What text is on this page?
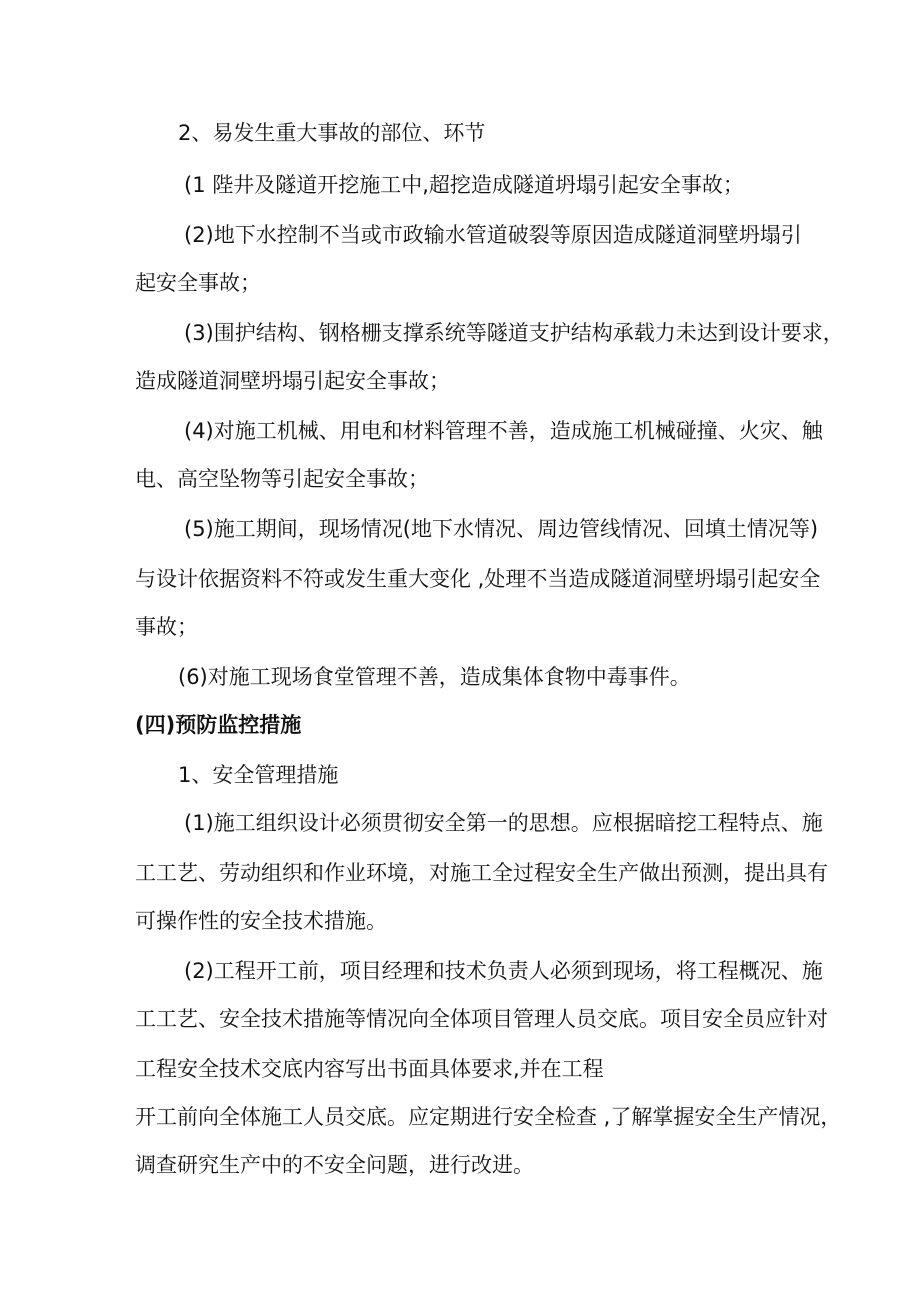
2、易发生重大事故的部位、环节
(1 陛井及隧道开挖施工中,超挖造成隧道坍塌引起安全事故；
(2)地下水控制不当或市政输水管道破裂等原因造成隧道洞壁坍塌引
起安全事故；
(3)围护结构、钢格栅支撑系统等隧道支护结构承载力未达到设计要求，
造成隧道洞壁坍塌引起安全事故；
(4)对施工机械、用电和材料管理不善，造成施工机械碰撞、火灾、触
电、高空坠物等引起安全事故；
(5)施工期间，现场情况(地下水情况、周边管线情况、回填土情况等)
与设计依据资料不符或发生重大变化 ,处理不当造成隧道洞壁坍塌引起安全
事故；
(6)对施工现场食堂管理不善，造成集体食物中毒事件。
(四)预防监控措施
1、安全管理措施
(1)施工组织设计必须贯彻安全第一的思想。应根据暗挖工程特点、施
工工艺、劳动组织和作业环境，对施工全过程安全生产做出预测，提出具有
可操作性的安全技术措施。
(2)工程开工前，项目经理和技术负责人必须到现场，将工程概况、施
工工艺、安全技术措施等情况向全体项目管理人员交底。项目安全员应针对
工程安全技术交底内容写出书面具体要求,并在工程
开工前向全体施工人员交底。应定期进行安全检查 ,了解掌握安全生产情况，
调查研究生产中的不安全问题，进行改进。
